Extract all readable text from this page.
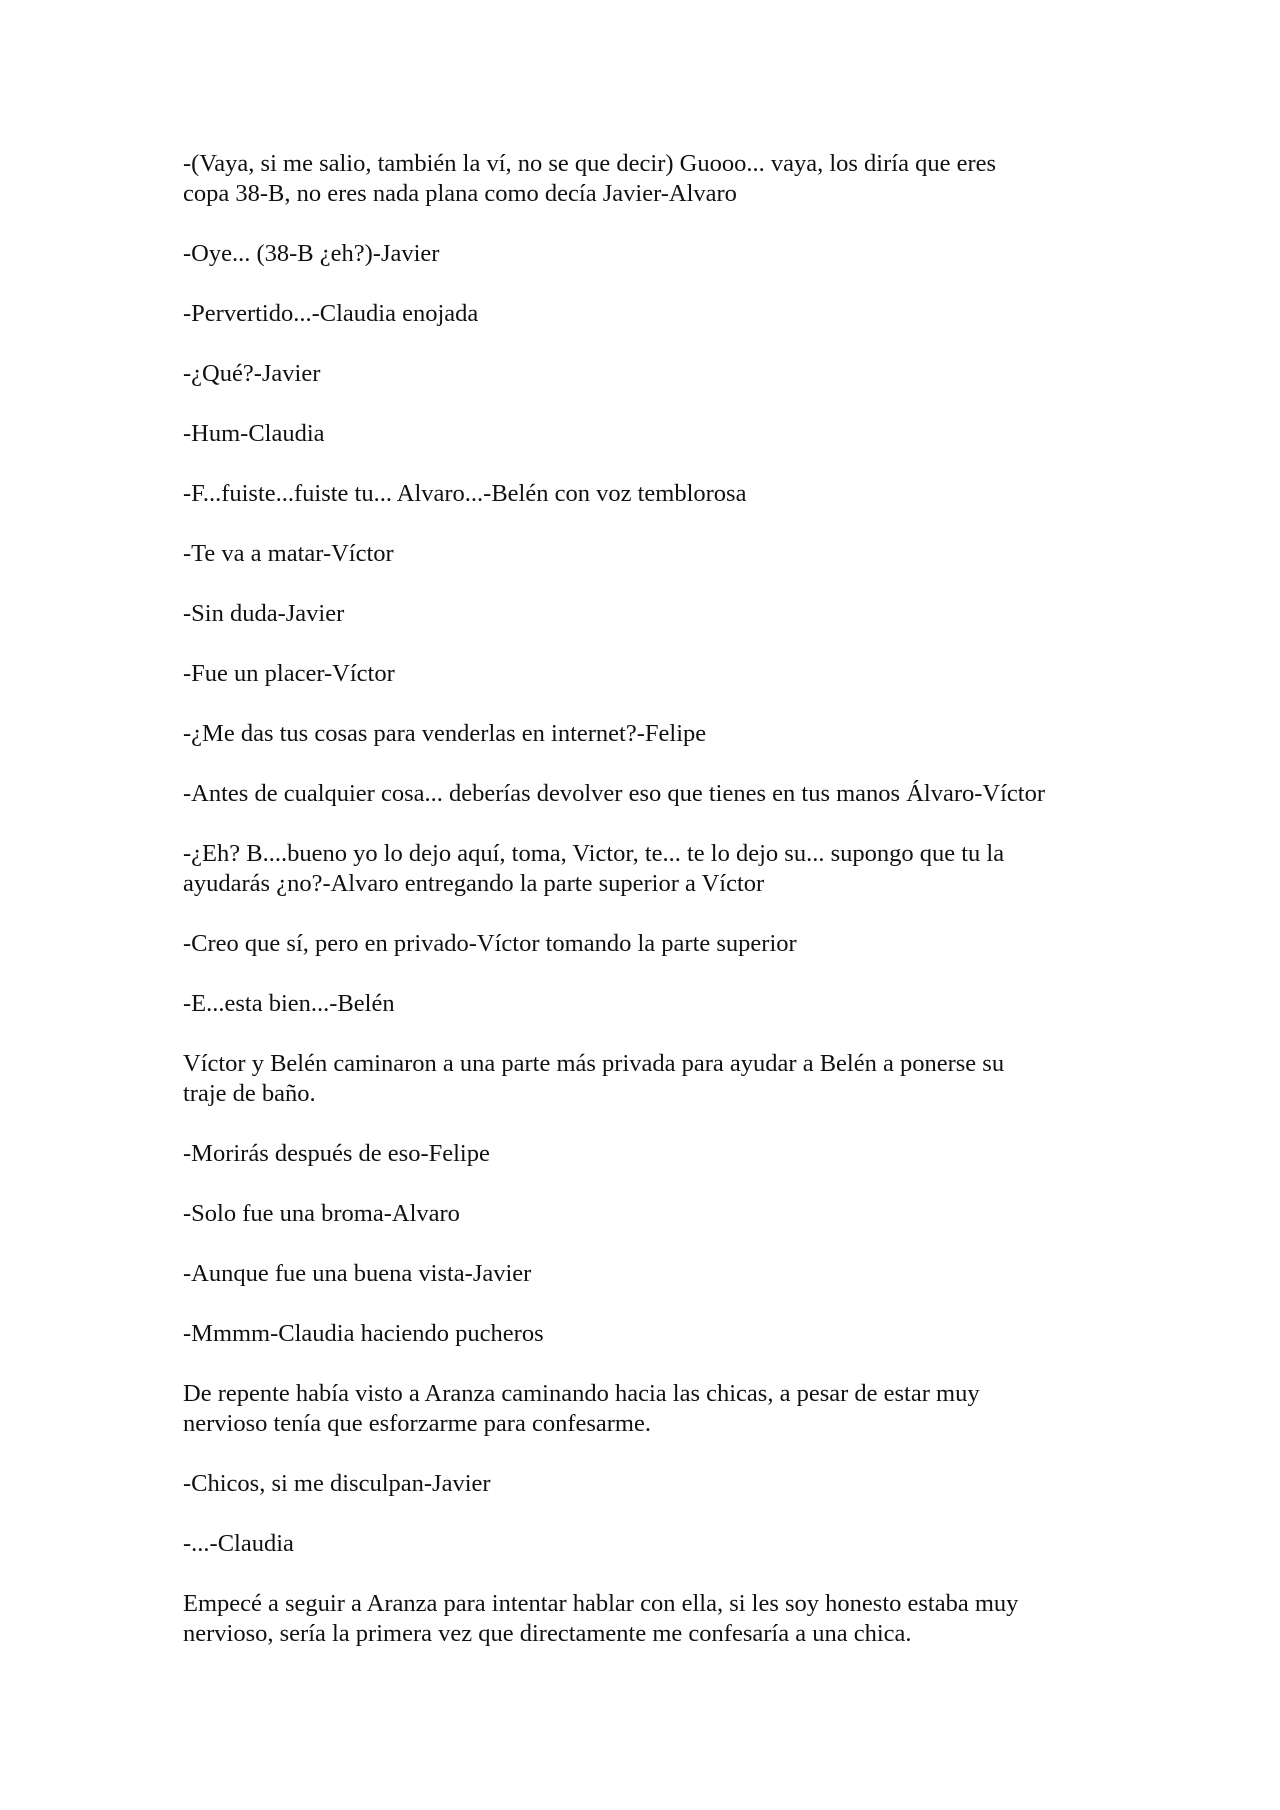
-(Vaya, si me salio, también la ví, no se que decir) Guooo... vaya, los diría que eres
copa 38-B, no eres nada plana como decía Javier-Alvaro

-Oye... (38-B ¿eh?)-Javier

-Pervertido...-Claudia enojada

-¿Qué?-Javier

-Hum-Claudia

-F...fuiste...fuiste tu... Alvaro...-Belén con voz temblorosa

-Te va a matar-Víctor

-Sin duda-Javier

-Fue un placer-Víctor

-¿Me das tus cosas para venderlas en internet?-Felipe

-Antes de cualquier cosa... deberías devolver eso que tienes en tus manos Álvaro-Víctor

-¿Eh? B....bueno yo lo dejo aquí, toma, Victor, te... te lo dejo su... supongo que tu la
ayudarás ¿no?-Alvaro entregando la parte superior a Víctor

-Creo que sí, pero en privado-Víctor tomando la parte superior

-E...esta bien...-Belén

Víctor y Belén caminaron a una parte más privada para ayudar a Belén a ponerse su
traje de baño.

-Morirás después de eso-Felipe

-Solo fue una broma-Alvaro

-Aunque fue una buena vista-Javier

-Mmmm-Claudia haciendo pucheros

De repente había visto a Aranza caminando hacia las chicas, a pesar de estar muy
nervioso tenía que esforzarme para confesarme.

-Chicos, si me disculpan-Javier

-...-Claudia

Empecé a seguir a Aranza para intentar hablar con ella, si les soy honesto estaba muy
nervioso, sería la primera vez que directamente me confesaría a una chica.
